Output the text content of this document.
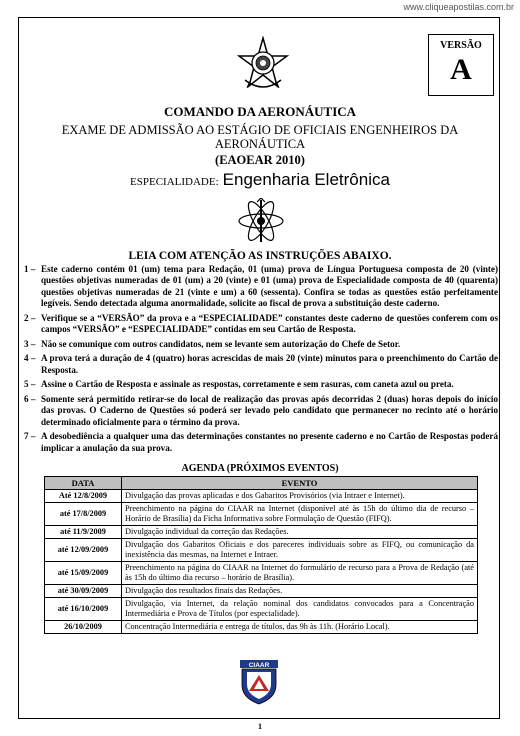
www.cliqueapostilas.com.br
VERSÃO
A
COMANDO DA AERONÁUTICA
EXAME DE ADMISSÃO AO ESTÁGIO DE OFICIAIS ENGENHEIROS DA AERONÁUTICA
(EAOEAR 2010)
ESPECIALIDADE: Engenharia Eletrônica
LEIA COM ATENÇÃO AS INSTRUÇÕES ABAIXO.
1 – Este caderno contém 01 (um) tema para Redação, 01 (uma) prova de Língua Portuguesa composta de 20 (vinte) questões objetivas numeradas de 01 (um) a 20 (vinte) e 01 (uma) prova de Especialidade composta de 40 (quarenta) questões objetivas numeradas de 21 (vinte e um) a 60 (sessenta). Confira se todas as questões estão perfeitamente legíveis. Sendo detectada alguma anormalidade, solicite ao fiscal de prova a substituição deste caderno.
2 – Verifique se a “VERSÃO” da prova e a “ESPECIALIDADE” constantes deste caderno de questões conferem com os campos “VERSÃO” e “ESPECIALIDADE” contidas em seu Cartão de Resposta.
3 – Não se comunique com outros candidatos, nem se levante sem autorização do Chefe de Setor.
4 – A prova terá a duração de 4 (quatro) horas acrescidas de mais 20 (vinte) minutos para o preenchimento do Cartão de Resposta.
5 – Assine o Cartão de Resposta e assinale as respostas, corretamente e sem rasuras, com caneta azul ou preta.
6 – Somente será permitido retirar-se do local de realização das provas após decorridas 2 (duas) horas depois do início das provas. O Caderno de Questões só poderá ser levado pelo candidato que permanecer no recinto até o horário determinado oficialmente para o término da prova.
7 – A desobediência a qualquer uma das determinações constantes no presente caderno e no Cartão de Respostas poderá implicar a anulação da sua prova.
AGENDA (PRÓXIMOS EVENTOS)
DATA	EVENTO
Até 12/8/2009	Divulgação das provas aplicadas e dos Gabaritos Provisórios (via Intraer e Internet).
até 17/8/2009	Preenchimento na página do CIAAR na Internet (disponível até às 15h do último dia de recurso – Horário de Brasília) da Ficha Informativa sobre Formulação de Questão (FIFQ).
até 11/9/2009	Divulgação individual da correção das Redações.
até 12/09/2009	Divulgação dos Gabaritos Oficiais e dos pareceres individuais sobre as FIFQ, ou comunicação da inexistência das mesmas, na Internet e Intraer.
até 15/09/2009	Preenchimento na página do CIAAR na Internet do formulário de recurso para a Prova de Redação (até às 15h do último dia recurso – horário de Brasília).
até 30/09/2009	Divulgação dos resultados finais das Redações.
até 16/10/2009	Divulgação, via Internet, da relação nominal dos candidatos convocados para a Concentração Intermediária e Prova de Títulos (por especialidade).
26/10/2009	Concentração Intermediária e entrega de títulos, das 9h às 11h. (Horário Local).
CIAAR
1
